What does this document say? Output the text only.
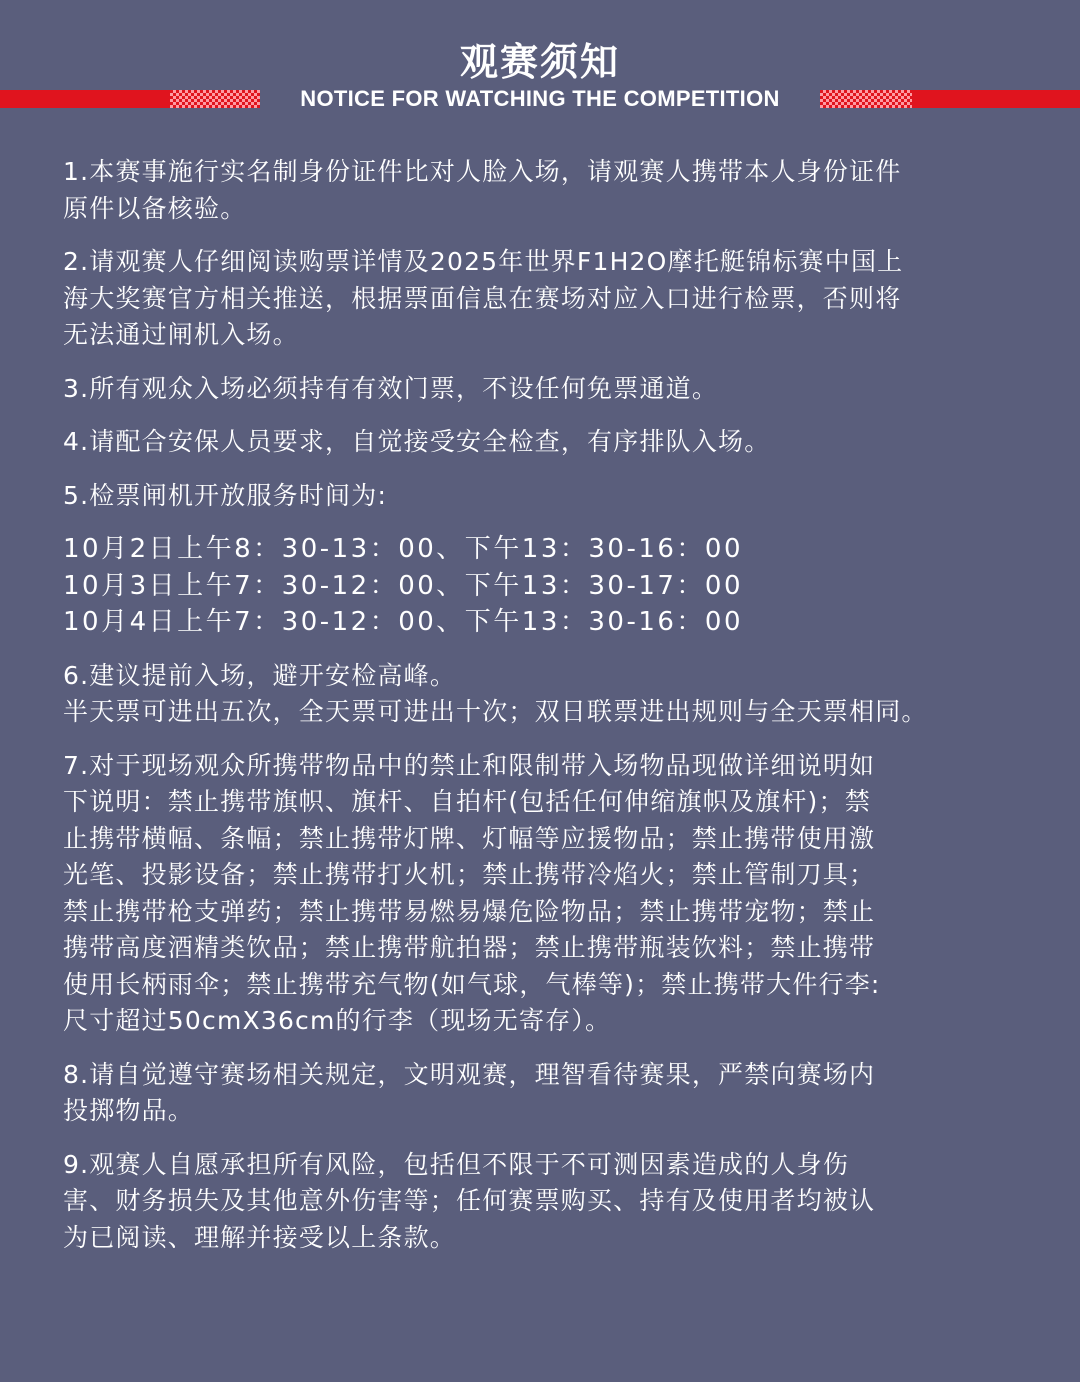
观赛须知
NOTICE FOR WATCHING THE COMPETITION

1.本赛事施行实名制身份证件比对人脸入场，请观赛人携带本人身份证件

原件以备核验。

2.请观赛人仔细阅读购票详情及2025年世界F1H2O摩托艇锦标赛中国上

海大奖赛官方相关推送，根据票面信息在赛场对应入口进行检票，否则将

无法通过闸机入场。

3.所有观众入场必须持有有效门票，不设任何免票通道。

4.请配合安保人员要求，自觉接受安全检查，有序排队入场。

5.检票闸机开放服务时间为:

10月2日上午8：30-13：00、下午13：30-16：00

10月3日上午7：30-12：00、下午13：30-17：00

10月4日上午7：30-12：00、下午13：30-16：00

6.建议提前入场，避开安检高峰。

半天票可进出五次，全天票可进出十次；双日联票进出规则与全天票相同。

7.对于现场观众所携带物品中的禁止和限制带入场物品现做详细说明如

下说明：禁止携带旗帜、旗杆、自拍杆(包括任何伸缩旗帜及旗杆)；禁

止携带横幅、条幅；禁止携带灯牌、灯幅等应援物品；禁止携带使用激

光笔、投影设备；禁止携带打火机；禁止携带冷焰火；禁止管制刀具；

禁止携带枪支弹药；禁止携带易燃易爆危险物品；禁止携带宠物；禁止

携带高度酒精类饮品；禁止携带航拍器；禁止携带瓶装饮料；禁止携带

使用长柄雨伞；禁止携带充气物(如气球，气棒等)；禁止携带大件行李:

尺寸超过50cmX36cm的行李（现场无寄存）。

8.请自觉遵守赛场相关规定，文明观赛，理智看待赛果，严禁向赛场内

投掷物品。

9.观赛人自愿承担所有风险，包括但不限于不可测因素造成的人身伤

害、财务损失及其他意外伤害等；任何赛票购买、持有及使用者均被认

为已阅读、理解并接受以上条款。
